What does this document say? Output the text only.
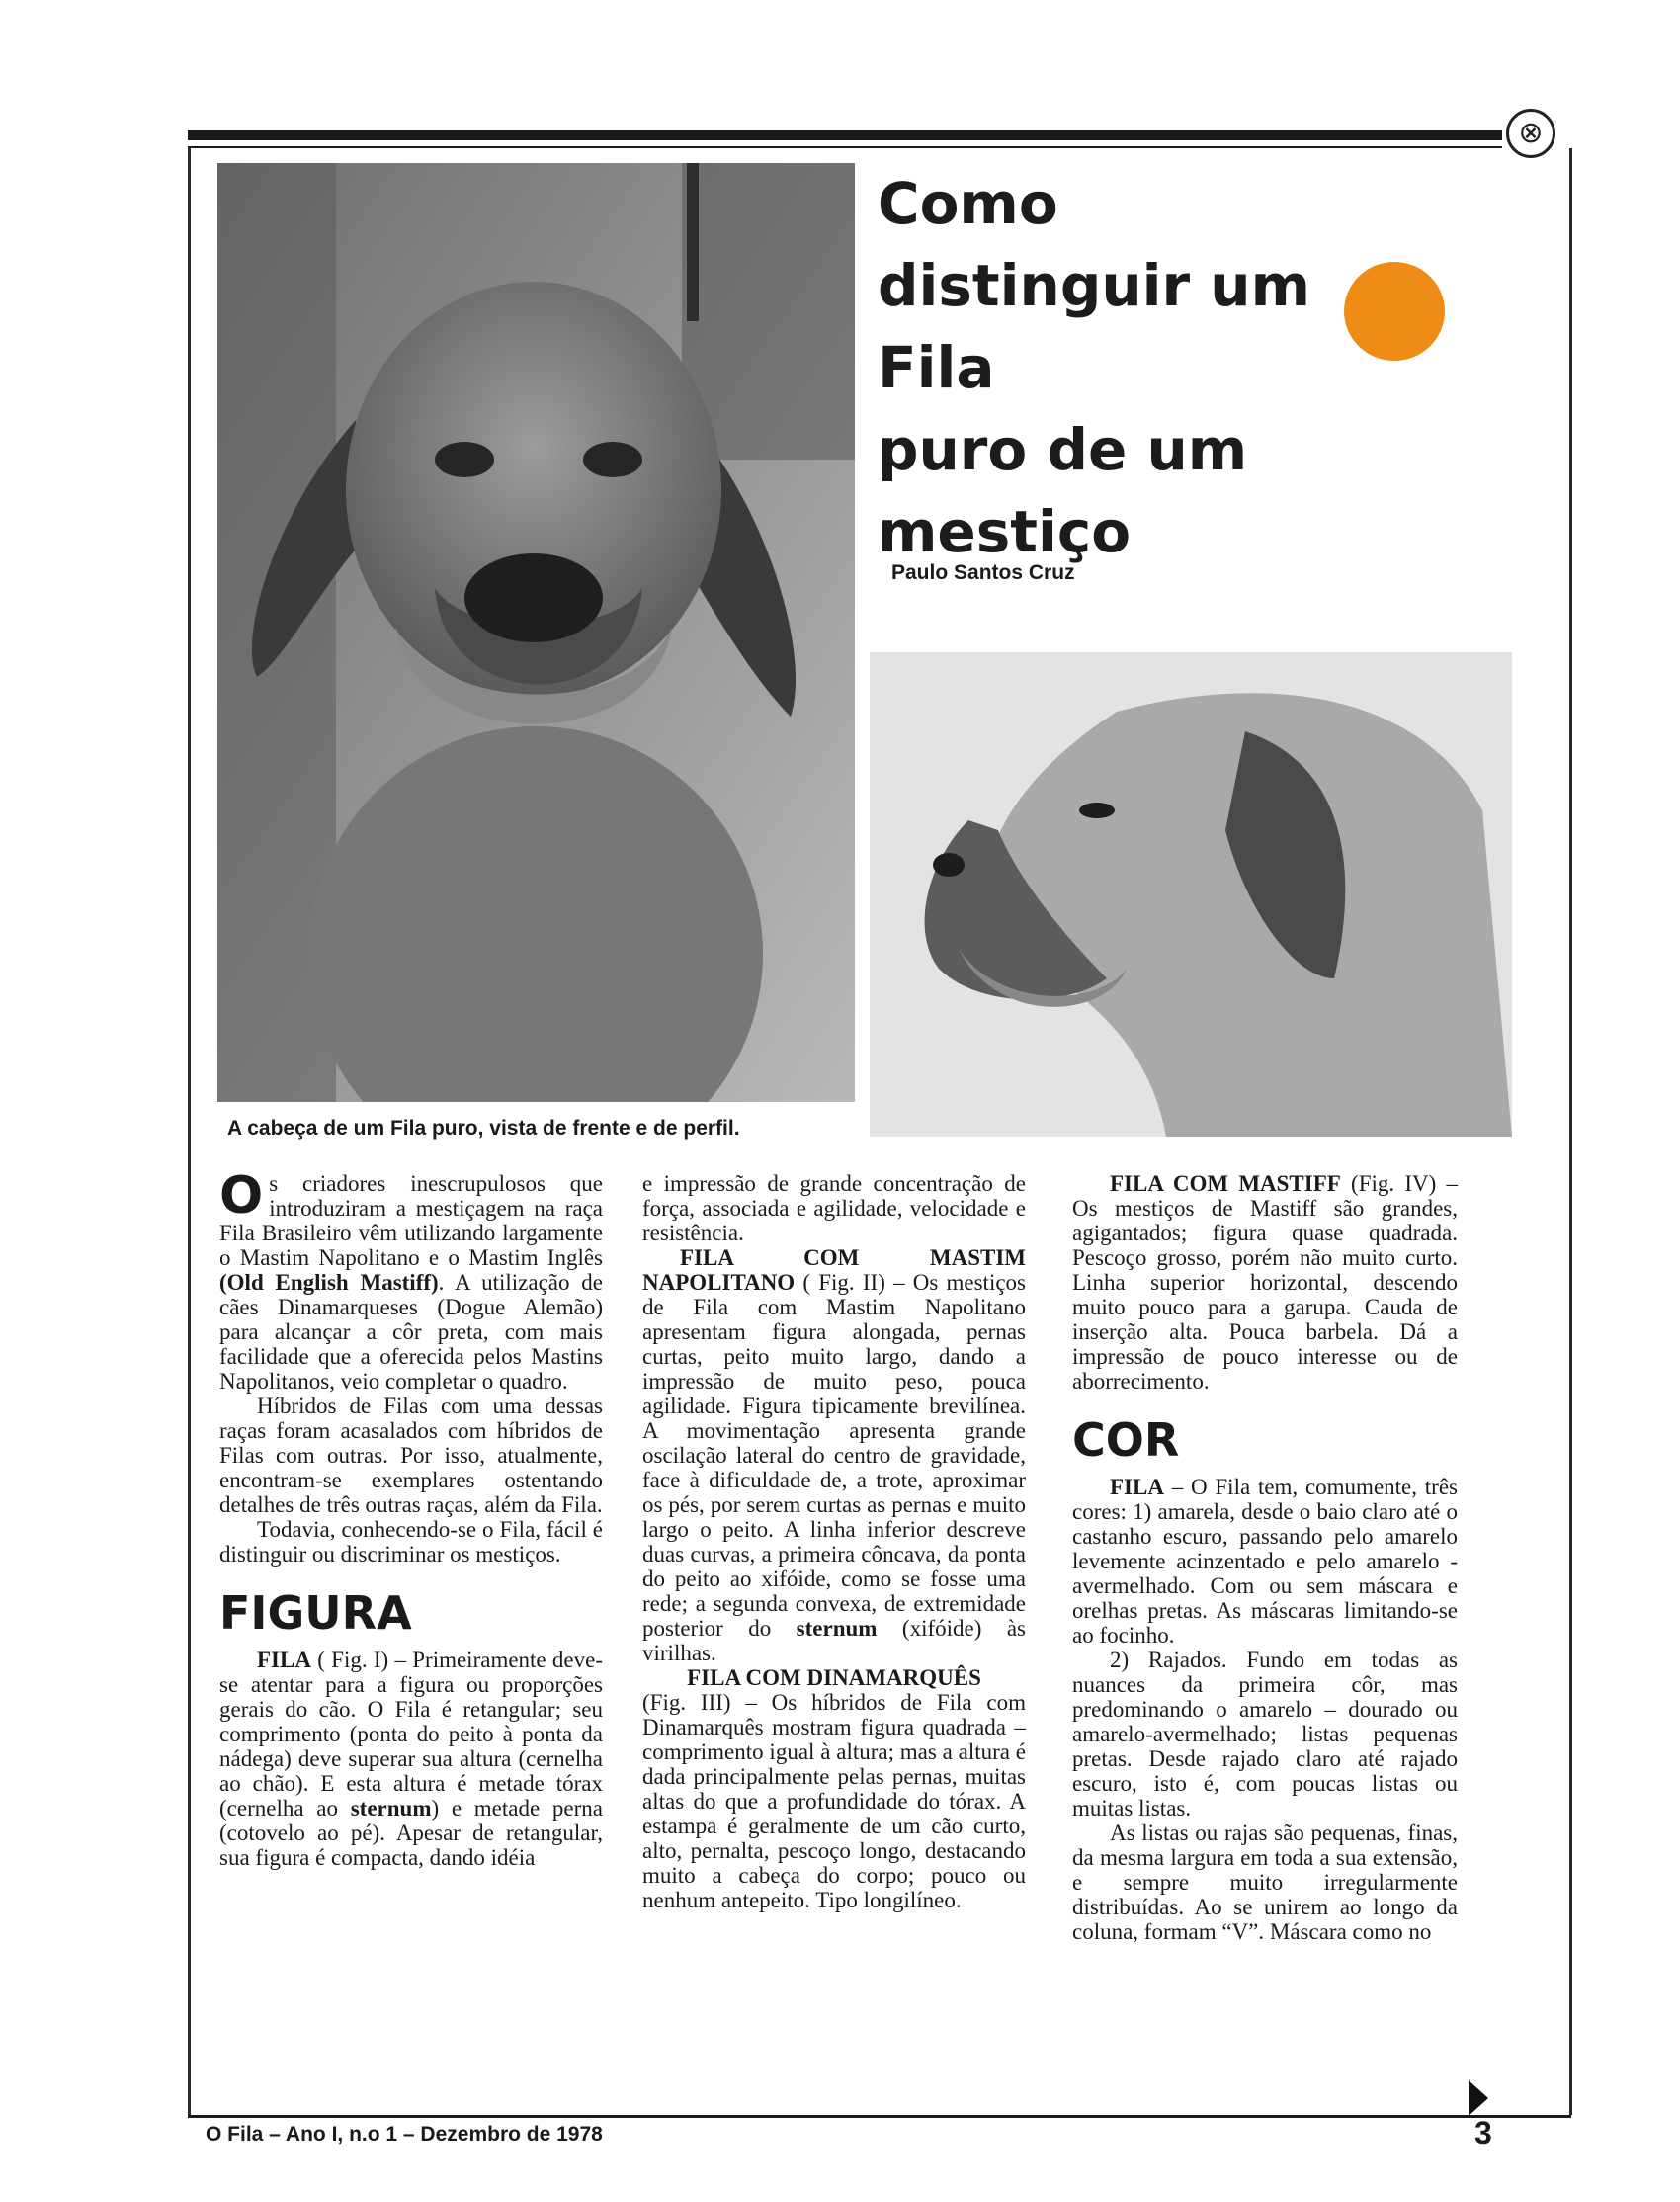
⊗
Como
distinguir um
Fila
puro de um
mestiço
Paulo Santos Cruz
A cabeça de um Fila puro, vista de frente e de perfil.

Os criadores inescrupulosos que introduziram a mestiçagem na raça Fila Brasileiro vêm utilizando largamente o Mastim Napolitano e o Mastim Inglês (Old English Mastiff). A utilização de cães Dinamarqueses (Dogue Alemão) para alcançar a côr preta, com mais facilidade que a oferecida pelos Mastins Napolitanos, veio completar o quadro.

Híbridos de Filas com uma dessas raças foram acasalados com híbridos de Filas com outras. Por isso, atualmente, encontram-se exemplares ostentando detalhes de três outras raças, além da Fila.

Todavia, conhecendo-se o Fila, fácil é distinguir ou discriminar os mestiços.

FIGURA

FILA ( Fig. I) – Primeiramente deve-se atentar para a figura ou proporções gerais do cão. O Fila é retangular; seu comprimento (ponta do peito à ponta da nádega) deve superar sua altura (cernelha ao chão). E esta altura é metade tórax (cernelha ao sternum) e metade perna (cotovelo ao pé). Apesar de retangular, sua figura é compacta, dando idéia

e impressão de grande concentração de força, associada e agilidade, velocidade e resistência.

FILA COM MASTIM NAPOLITANO ( Fig. II) – Os mestiços de Fila com Mastim Napolitano apresentam figura alongada, pernas curtas, peito muito largo, dando a impressão de muito peso, pouca agilidade. Figura tipicamente brevilínea. A movimentação apresenta grande oscilação lateral do centro de gravidade, face à dificuldade de, a trote, aproximar os pés, por serem curtas as pernas e muito largo o peito. A linha inferior descreve duas curvas, a primeira côncava, da ponta do peito ao xifóide, como se fosse uma rede; a segunda convexa, de extremidade posterior do sternum (xifóide) às virilhas.

FILA COM DINAMARQUÊS

(Fig. III) – Os híbridos de Fila com Dinamarquês mostram figura quadrada – comprimento igual à altura; mas a altura é dada principalmente pelas pernas, muitas altas do que a profundidade do tórax. A estampa é geralmente de um cão curto, alto, pernalta, pescoço longo, destacando muito a cabeça do corpo; pouco ou nenhum antepeito. Tipo longilíneo.

FILA COM MASTIFF (Fig. IV) – Os mestiços de Mastiff são grandes, agigantados; figura quase quadrada. Pescoço grosso, porém não muito curto. Linha superior horizontal, descendo muito pouco para a garupa. Cauda de inserção alta. Pouca barbela. Dá a impressão de pouco interesse ou de aborrecimento.

COR

FILA – O Fila tem, comumente, três cores: 1) amarela, desde o baio claro até o castanho escuro, passando pelo amarelo levemente acinzentado e pelo amarelo -avermelhado. Com ou sem máscara e orelhas pretas. As máscaras limitando-se ao focinho.

2) Rajados. Fundo em todas as nuances da primeira côr, mas predominando o amarelo – dourado ou amarelo-avermelhado; listas pequenas pretas. Desde rajado claro até rajado escuro, isto é, com poucas listas ou muitas listas.

As listas ou rajas são pequenas, finas, da mesma largura em toda a sua extensão, e sempre muito irregularmente distribuídas. Ao se unirem ao longo da coluna, formam “V”. Máscara como no

O Fila – Ano I, n.o 1 – Dezembro de 1978	3
